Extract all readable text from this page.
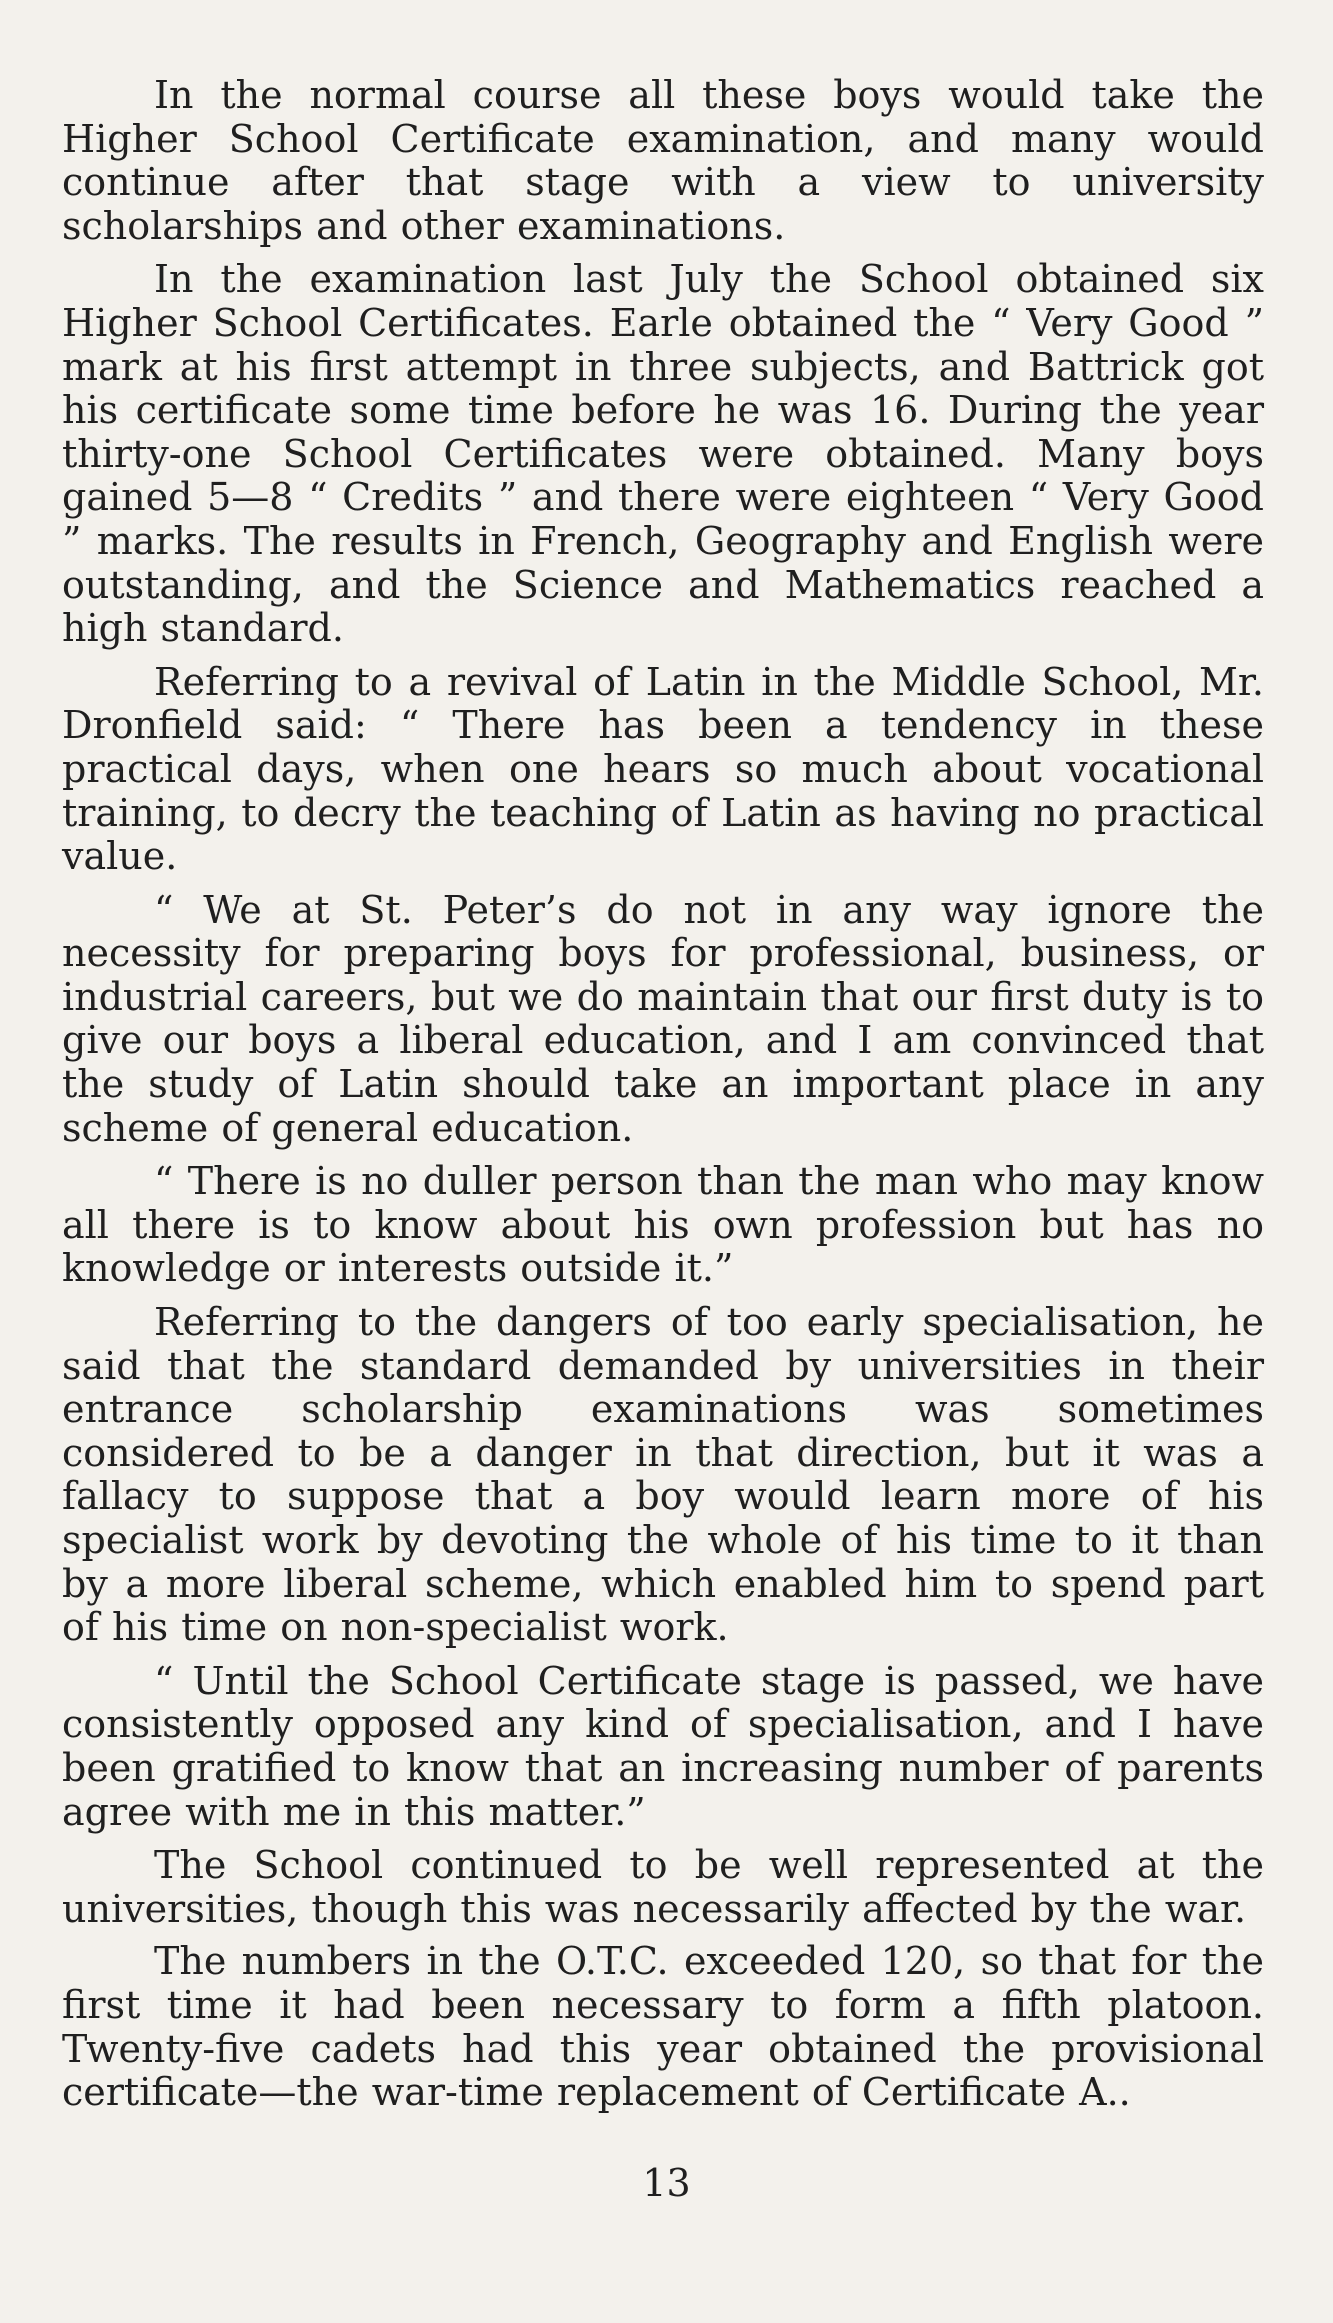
In the normal course all these boys would take the Higher School Certificate examination, and many would continue after that stage with a view to university scholarships and other examinations.

In the examination last July the School obtained six Higher School Certificates. Earle obtained the “ Very Good ” mark at his first attempt in three subjects, and Battrick got his certificate some time before he was 16. During the year thirty-one School Certificates were obtained. Many boys gained 5—8 “ Credits ” and there were eighteen “ Very Good ” marks. The results in French, Geography and English were outstanding, and the Science and Mathematics reached a high standard.

Referring to a revival of Latin in the Middle School, Mr. Dronfield said: “ There has been a tendency in these practical days, when one hears so much about vocational training, to decry the teaching of Latin as having no practical value.

“ We at St. Peter’s do not in any way ignore the necessity for preparing boys for professional, business, or industrial careers, but we do maintain that our first duty is to give our boys a liberal education, and I am convinced that the study of Latin should take an important place in any scheme of general education.

“ There is no duller person than the man who may know all there is to know about his own profession but has no knowledge or interests outside it.”

Referring to the dangers of too early specialisation, he said that the standard demanded by universities in their entrance scholarship examinations was sometimes considered to be a danger in that direction, but it was a fallacy to suppose that a boy would learn more of his specialist work by devoting the whole of his time to it than by a more liberal scheme, which enabled him to spend part of his time on non-specialist work.

“ Until the School Certificate stage is passed, we have consistently opposed any kind of specialisation, and I have been gratified to know that an increasing number of parents agree with me in this matter.”

The School continued to be well represented at the universities, though this was necessarily affected by the war.

The numbers in the O.T.C. exceeded 120, so that for the first time it had been necessary to form a fifth platoon. Twenty-five cadets had this year obtained the provisional certificate—the war-time replacement of Certificate A..

13
